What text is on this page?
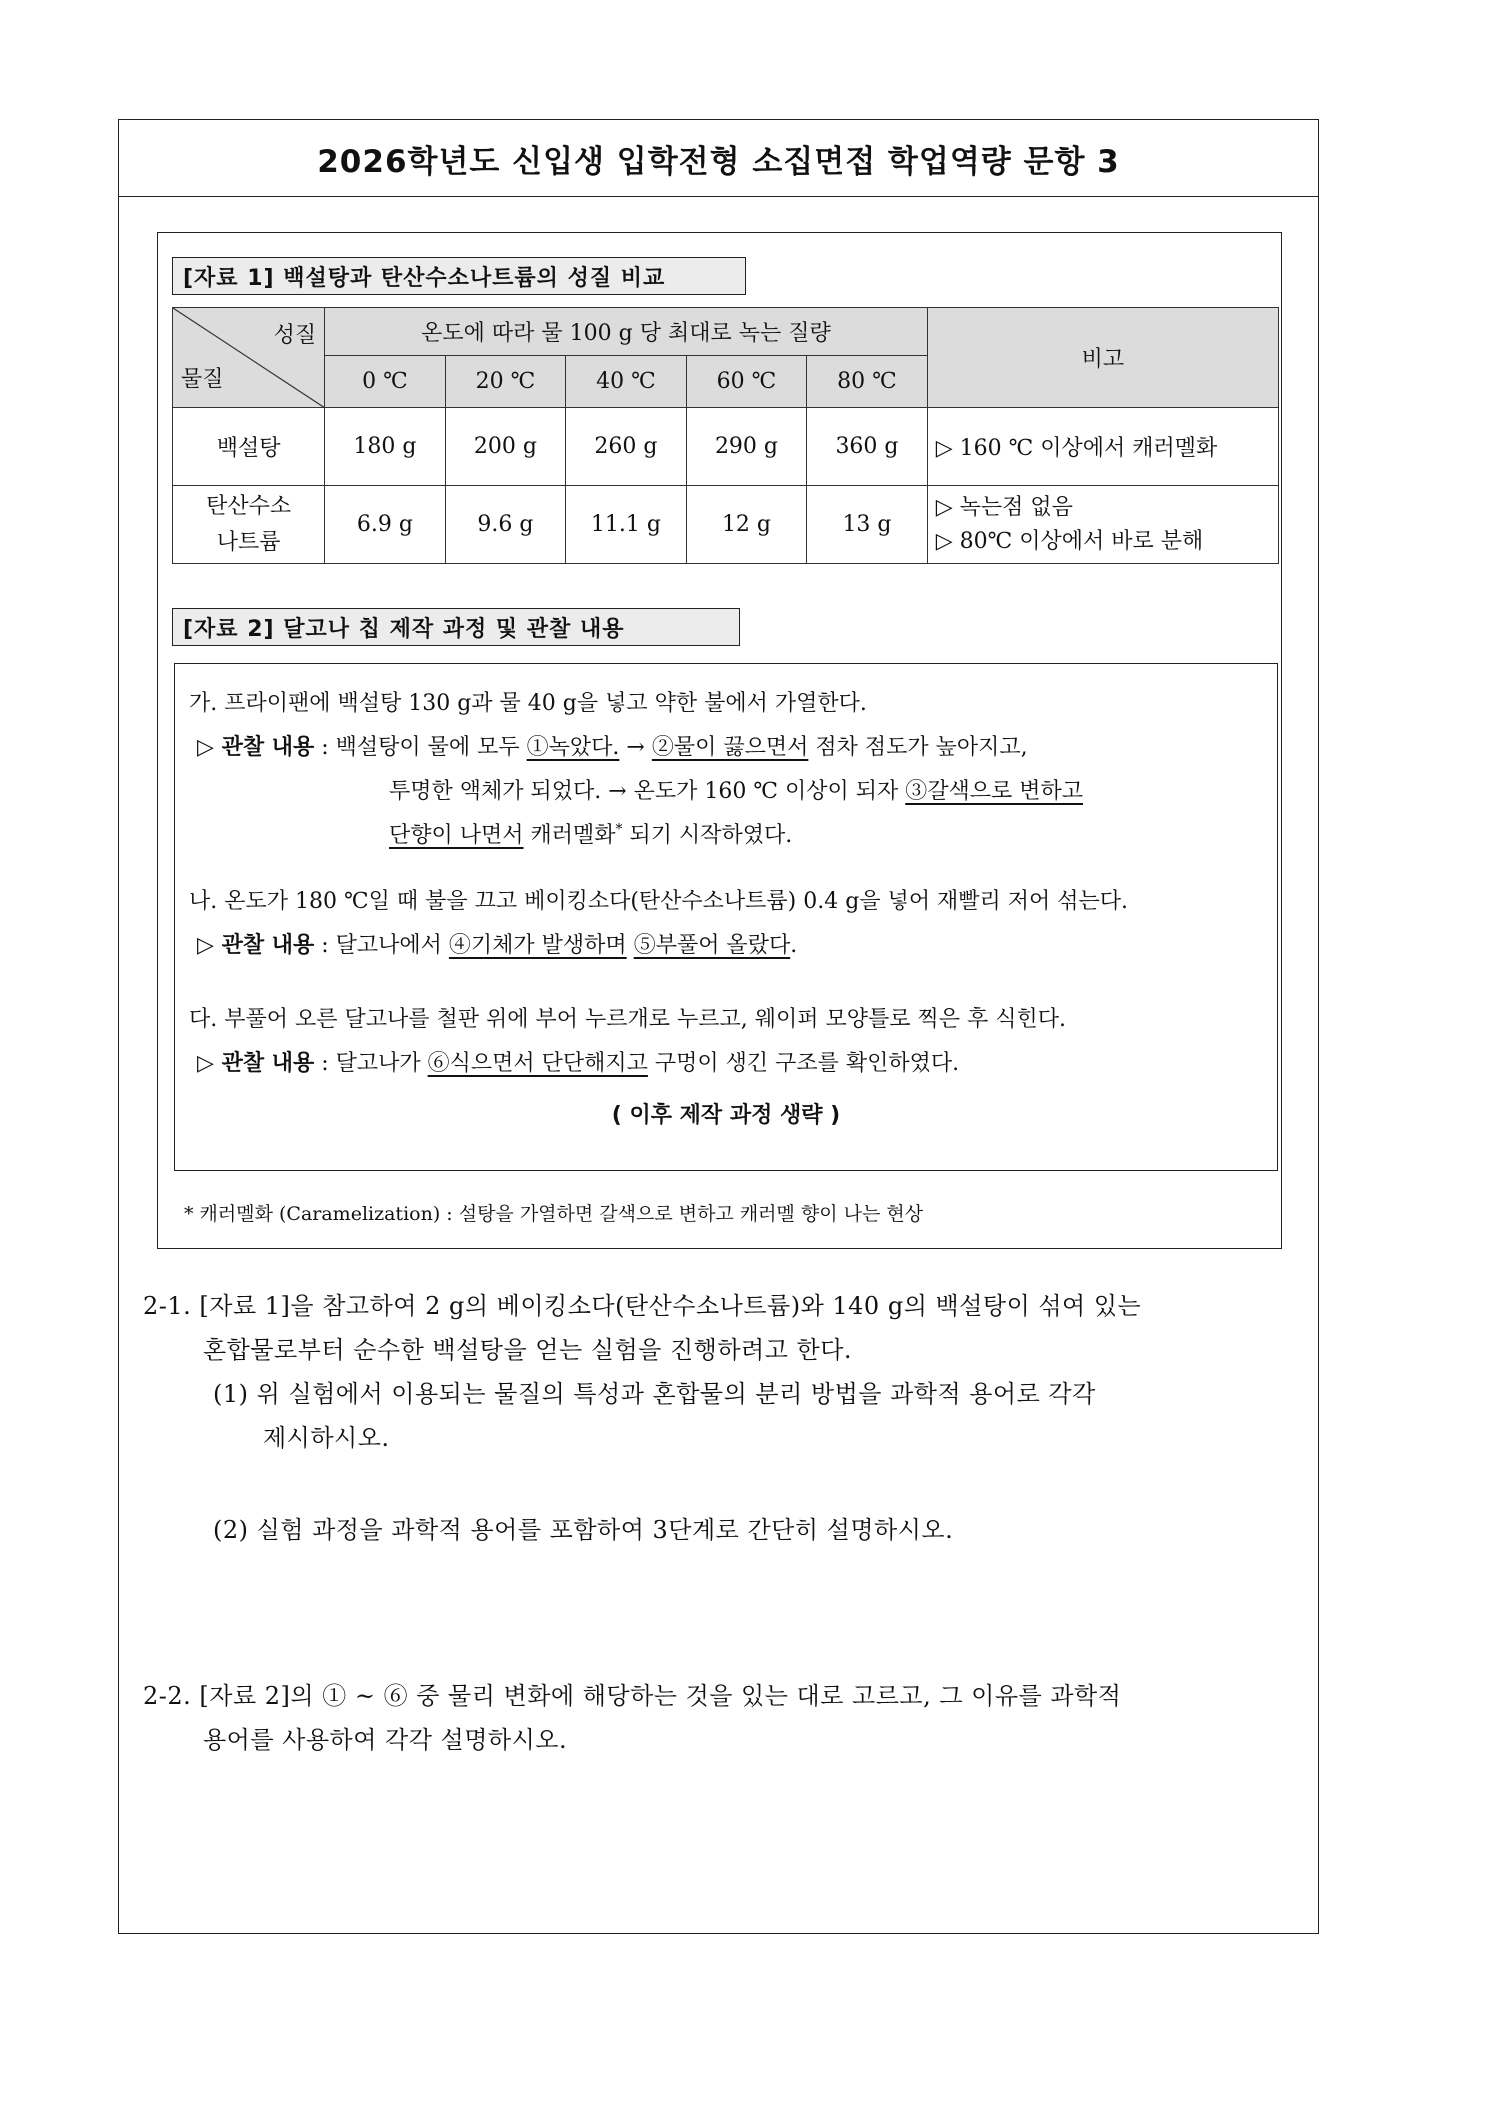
2026학년도 신입생 입학전형 소집면접 학업역량 문항 3
[자료 1] 백설탕과 탄산수소나트륨의 성질 비교
성질
물질	온도에 따라 물 100 g 당 최대로 녹는 질량					비고
	0 ℃	20 ℃	40 ℃	60 ℃	80 ℃	
백설탕	180 g	200 g	260 g	290 g	360 g	▷ 160 ℃ 이상에서 캐러멜화
탄산수소
나트륨	6.9 g	9.6 g	11.1 g	12 g	13 g	▷ 녹는점 없음
▷ 80℃ 이상에서 바로 분해
[자료 2] 달고나 칩 제작 과정 및 관찰 내용
가. 프라이팬에 백설탕 130 g과 물 40 g을 넣고 약한 불에서 가열한다.
▷ 관찰 내용 : 백설탕이 물에 모두 ①녹았다. → ②물이 끓으면서 점차 점도가 높아지고,
투명한 액체가 되었다. → 온도가 160 ℃ 이상이 되자 ③갈색으로 변하고
단향이 나면서 캐러멜화* 되기 시작하였다.
나. 온도가 180 ℃일 때 불을 끄고 베이킹소다(탄산수소나트륨) 0.4 g을 넣어 재빨리 저어 섞는다.
▷ 관찰 내용 : 달고나에서 ④기체가 발생하며 ⑤부풀어 올랐다.
다. 부풀어 오른 달고나를 철판 위에 부어 누르개로 누르고, 웨이퍼 모양틀로 찍은 후 식힌다.
▷ 관찰 내용 : 달고나가 ⑥식으면서 단단해지고 구멍이 생긴 구조를 확인하였다.
( 이후 제작 과정 생략 )
* 캐러멜화 (Caramelization) : 설탕을 가열하면 갈색으로 변하고 캐러멜 향이 나는 현상
2-1. [자료 1]을 참고하여 2 g의 베이킹소다(탄산수소나트륨)와 140 g의 백설탕이 섞여 있는
혼합물로부터 순수한 백설탕을 얻는 실험을 진행하려고 한다.
(1) 위 실험에서 이용되는 물질의 특성과 혼합물의 분리 방법을 과학적 용어로 각각
제시하시오.
(2) 실험 과정을 과학적 용어를 포함하여 3단계로 간단히 설명하시오.
2-2. [자료 2]의 ① ~ ⑥ 중 물리 변화에 해당하는 것을 있는 대로 고르고, 그 이유를 과학적
용어를 사용하여 각각 설명하시오.
